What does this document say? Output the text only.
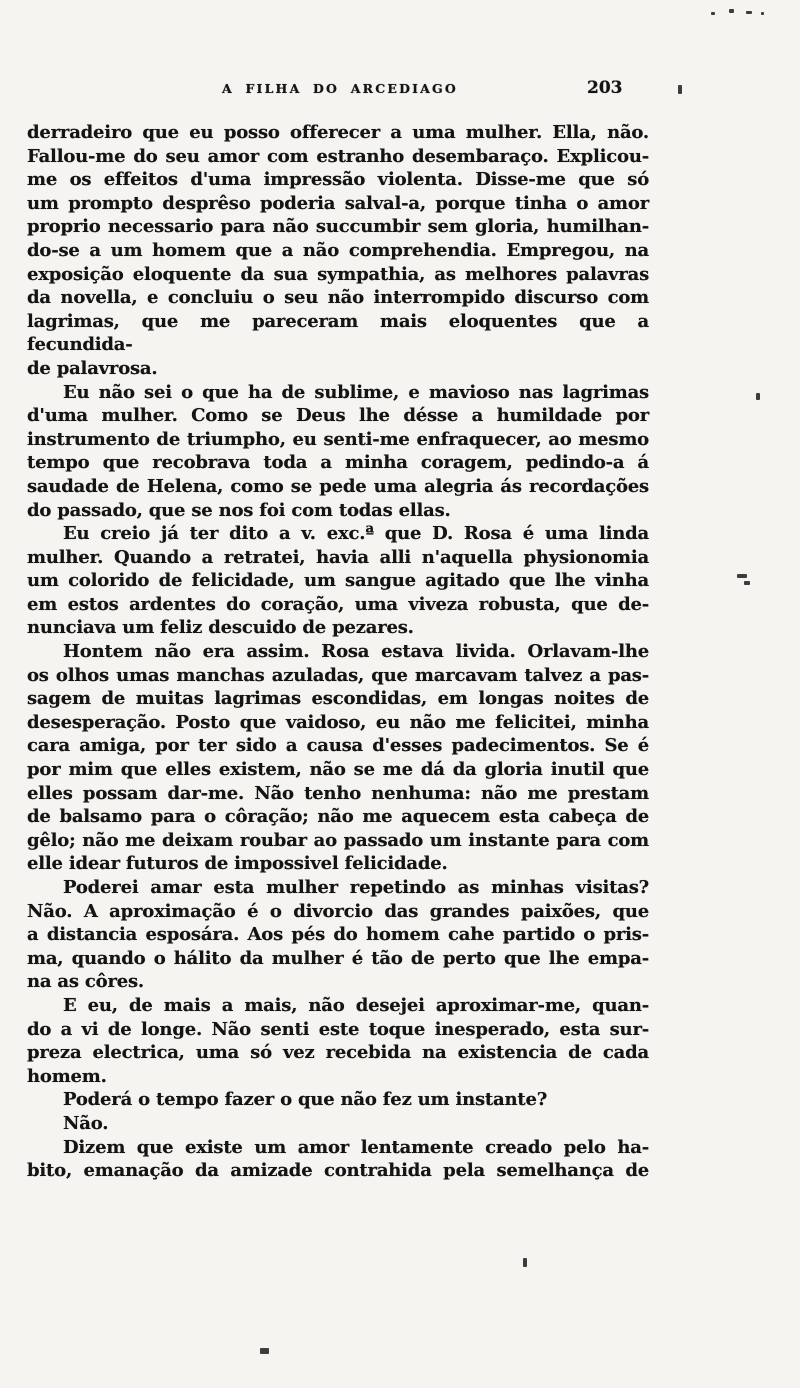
A FILHA DO ARCEDIAGO	203
derradeiro que eu posso offerecer a uma mulher. Ella, não.
Fallou-me do seu amor com estranho desembaraço. Explicou-
me os effeitos d'uma impressão violenta. Disse-me que só
um prompto desprêso poderia salval-a, porque tinha o amor
proprio necessario para não succumbir sem gloria, humilhan-
do-se a um homem que a não comprehendia. Empregou, na
exposição eloquente da sua sympathia, as melhores palavras
da novella, e concluiu o seu não interrompido discurso com
lagrimas, que me pareceram mais eloquentes que a fecundida-
de palavrosa.
Eu não sei o que ha de sublime, e mavioso nas lagrimas
d'uma mulher. Como se Deus lhe désse a humildade por
instrumento de triumpho, eu senti-me enfraquecer, ao mesmo
tempo que recobrava toda a minha coragem, pedindo-a á
saudade de Helena, como se pede uma alegria ás recordações
do passado, que se nos foi com todas ellas.
Eu creio já ter dito a v. exc.ª que D. Rosa é uma linda
mulher. Quando a retratei, havia alli n'aquella physionomia
um colorido de felicidade, um sangue agitado que lhe vinha
em estos ardentes do coração, uma viveza robusta, que de-
nunciava um feliz descuido de pezares.
Hontem não era assim. Rosa estava livida. Orlavam-lhe
os olhos umas manchas azuladas, que marcavam talvez a pas-
sagem de muitas lagrimas escondidas, em longas noites de
desesperação. Posto que vaidoso, eu não me felicitei, minha
cara amiga, por ter sido a causa d'esses padecimentos. Se é
por mim que elles existem, não se me dá da gloria inutil que
elles possam dar-me. Não tenho nenhuma: não me prestam
de balsamo para o côração; não me aquecem esta cabeça de
gêlo; não me deixam roubar ao passado um instante para com
elle idear futuros de impossivel felicidade.
Poderei amar esta mulher repetindo as minhas visitas?
Não. A aproximação é o divorcio das grandes paixões, que
a distancia esposára. Aos pés do homem cahe partido o pris-
ma, quando o hálito da mulher é tão de perto que lhe empa-
na as côres.
E eu, de mais a mais, não desejei aproximar-me, quan-
do a vi de longe. Não senti este toque inesperado, esta sur-
preza electrica, uma só vez recebida na existencia de cada
homem.
Poderá o tempo fazer o que não fez um instante?
Não.
Dizem que existe um amor lentamente creado pelo ha-
bito, emanação da amizade contrahida pela semelhança de
